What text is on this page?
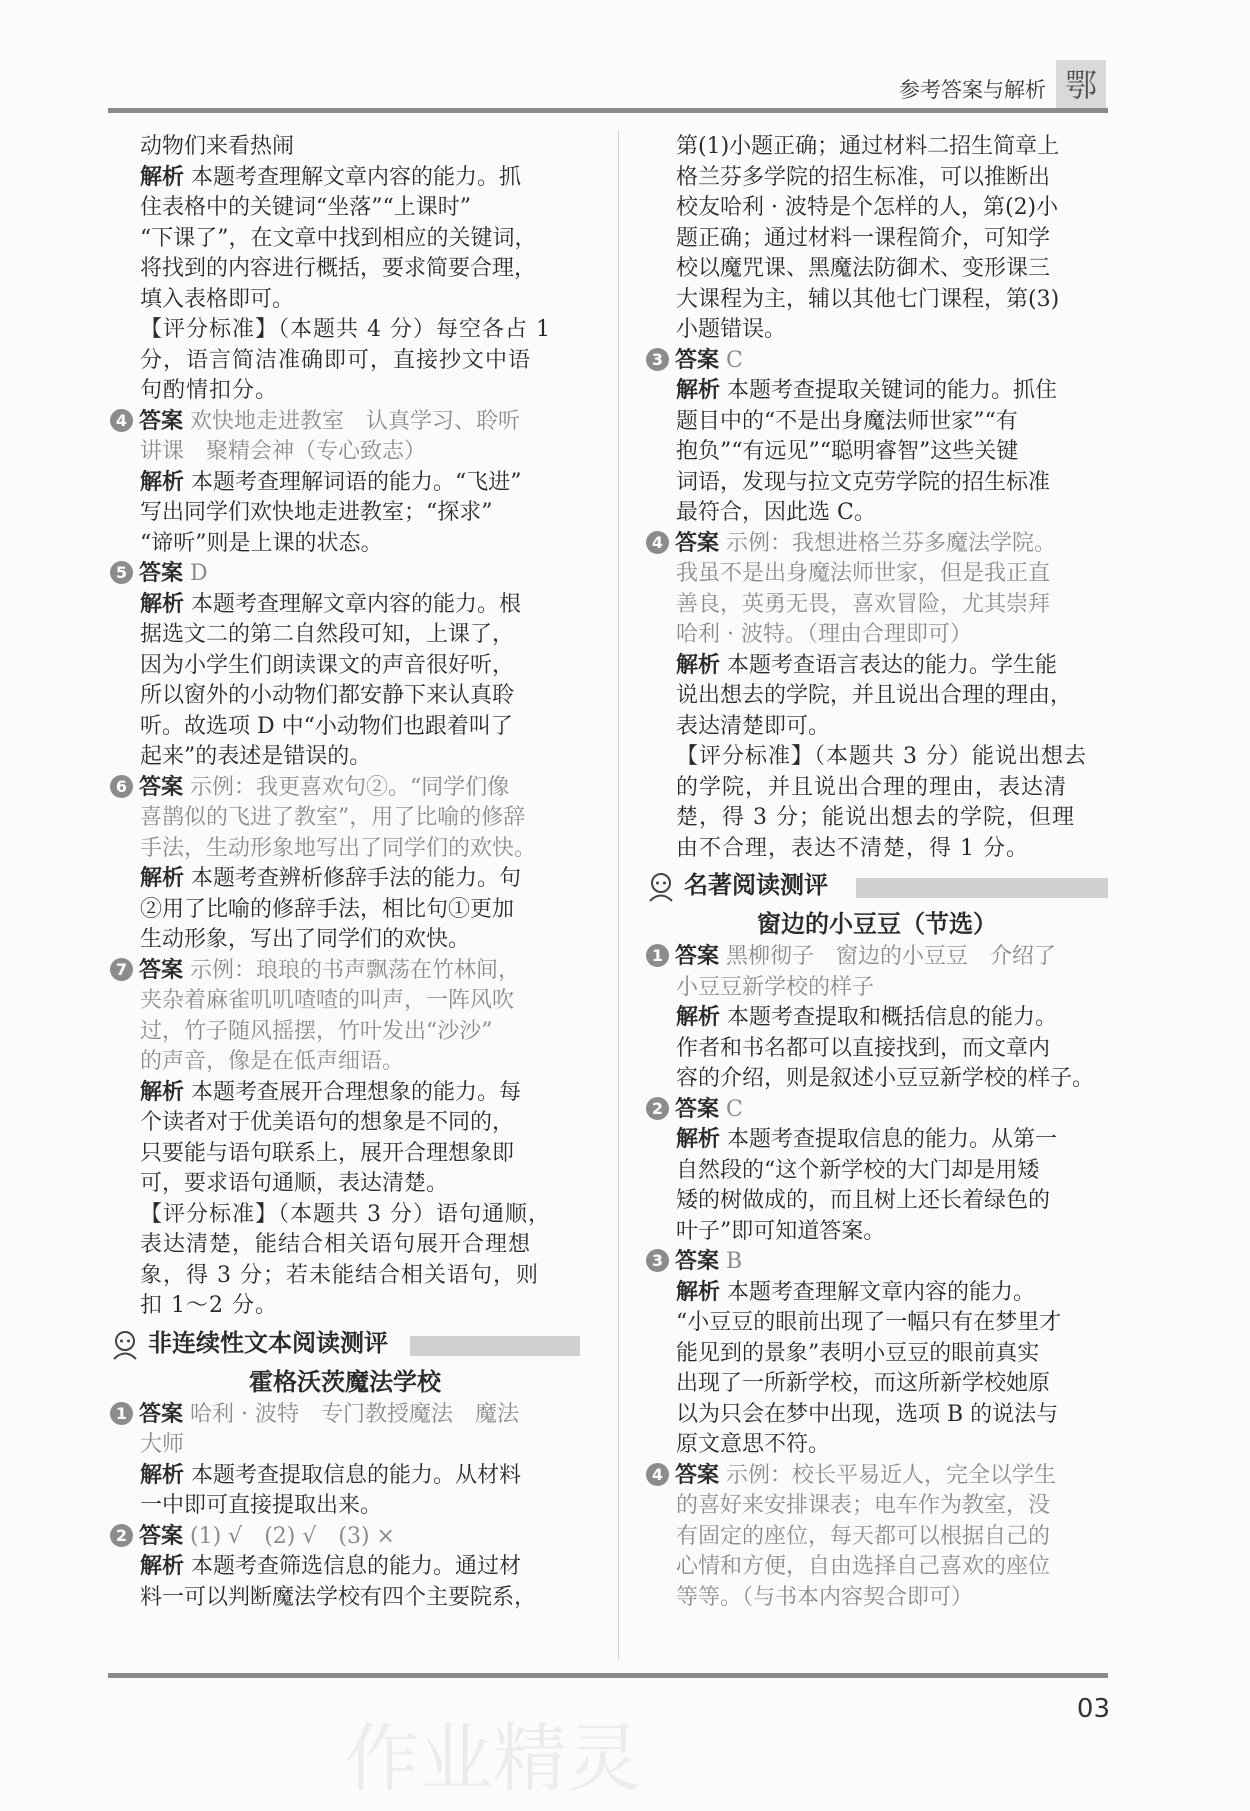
参考答案与解析 鄂
动物们来看热闹
解析 本题考查理解文章内容的能力。抓
住表格中的关键词“坐落”“上课时”
“下课了”，在文章中找到相应的关键词，
将找到的内容进行概括，要求简要合理，
填入表格即可。
【评分标准】（本题共 4 分）每空各占 1
分，语言简洁准确即可，直接抄文中语
句酌情扣分。
4 答案 欢快地走进教室　认真学习、聆听
讲课　聚精会神（专心致志）
解析 本题考查理解词语的能力。“飞进”
写出同学们欢快地走进教室；“探求”
“谛听”则是上课的状态。
5 答案 D
解析 本题考查理解文章内容的能力。根
据选文二的第二自然段可知，上课了，
因为小学生们朗读课文的声音很好听，
所以窗外的小动物们都安静下来认真聆
听。故选项 D 中“小动物们也跟着叫了
起来”的表述是错误的。
6 答案 示例：我更喜欢句②。“同学们像
喜鹊似的飞进了教室”，用了比喻的修辞
手法，生动形象地写出了同学们的欢快。
解析 本题考查辨析修辞手法的能力。句
②用了比喻的修辞手法，相比句①更加
生动形象，写出了同学们的欢快。
7 答案 示例：琅琅的书声飘荡在竹林间，
夹杂着麻雀叽叽喳喳的叫声，一阵风吹
过，竹子随风摇摆，竹叶发出“沙沙”
的声音，像是在低声细语。
解析 本题考查展开合理想象的能力。每
个读者对于优美语句的想象是不同的，
只要能与语句联系上，展开合理想象即
可，要求语句通顺，表达清楚。
【评分标准】（本题共 3 分）语句通顺，
表达清楚，能结合相关语句展开合理想
象，得 3 分；若未能结合相关语句，则
扣 1～2 分。
非连续性文本阅读测评
霍格沃茨魔法学校
1 答案 哈利 · 波特　专门教授魔法　魔法
大师
解析 本题考查提取信息的能力。从材料
一中即可直接提取出来。
2 答案 (1) √　(2) √　(3) ×
解析 本题考查筛选信息的能力。通过材
料一可以判断魔法学校有四个主要院系，
第(1)小题正确；通过材料二招生简章上
格兰芬多学院的招生标准，可以推断出
校友哈利 · 波特是个怎样的人，第(2)小
题正确；通过材料一课程简介，可知学
校以魔咒课、黑魔法防御术、变形课三
大课程为主，辅以其他七门课程，第(3)
小题错误。
3 答案 C
解析 本题考查提取关键词的能力。抓住
题目中的“不是出身魔法师世家”“有
抱负”“有远见”“聪明睿智”这些关键
词语，发现与拉文克劳学院的招生标准
最符合，因此选 C。
4 答案 示例：我想进格兰芬多魔法学院。
我虽不是出身魔法师世家，但是我正直
善良，英勇无畏，喜欢冒险，尤其崇拜
哈利 · 波特。（理由合理即可）
解析 本题考查语言表达的能力。学生能
说出想去的学院，并且说出合理的理由，
表达清楚即可。
【评分标准】（本题共 3 分）能说出想去
的学院，并且说出合理的理由，表达清
楚，得 3 分；能说出想去的学院，但理
由不合理，表达不清楚，得 1 分。
名著阅读测评
窗边的小豆豆（节选）
1 答案 黑柳彻子　窗边的小豆豆　介绍了
小豆豆新学校的样子
解析 本题考查提取和概括信息的能力。
作者和书名都可以直接找到，而文章内
容的介绍，则是叙述小豆豆新学校的样子。
2 答案 C
解析 本题考查提取信息的能力。从第一
自然段的“这个新学校的大门却是用矮
矮的树做成的，而且树上还长着绿色的
叶子”即可知道答案。
3 答案 B
解析 本题考查理解文章内容的能力。
“小豆豆的眼前出现了一幅只有在梦里才
能见到的景象”表明小豆豆的眼前真实
出现了一所新学校，而这所新学校她原
以为只会在梦中出现，选项 B 的说法与
原文意思不符。
4 答案 示例：校长平易近人，完全以学生
的喜好来安排课表；电车作为教室，没
有固定的座位，每天都可以根据自己的
心情和方便，自由选择自己喜欢的座位
等等。（与书本内容契合即可）
作业精灵
03
